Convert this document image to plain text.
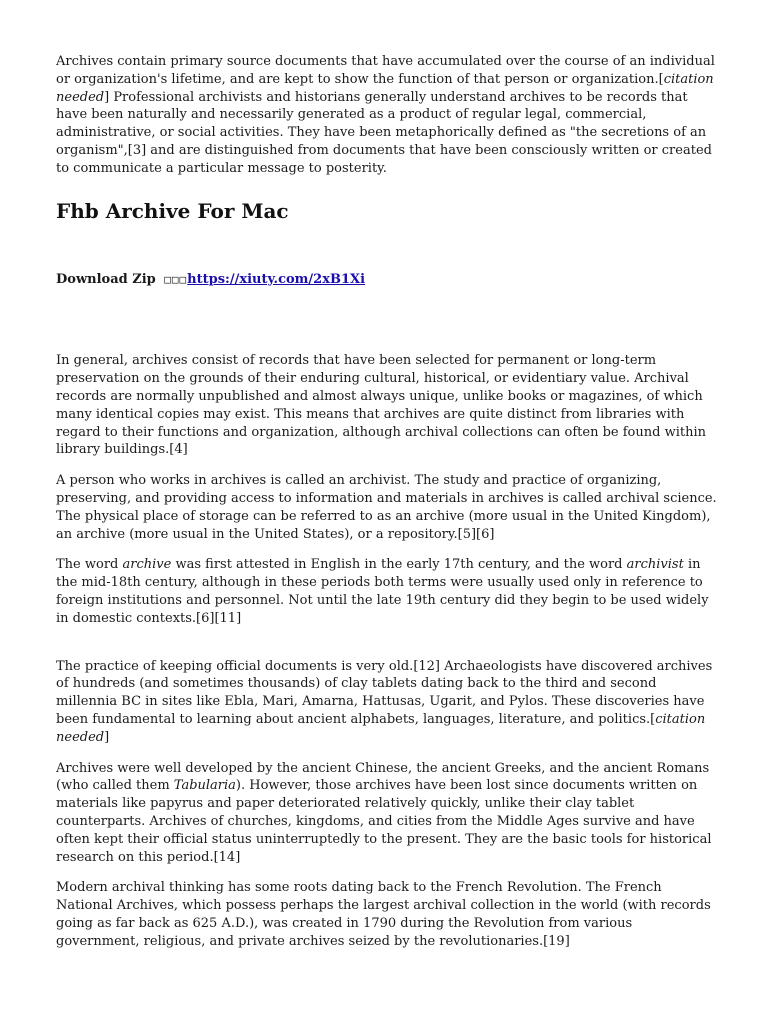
Archives contain primary source documents that have accumulated over the course of an individual or organization's lifetime, and are kept to show the function of that person or organization.[citation needed] Professional archivists and historians generally understand archives to be records that have been naturally and necessarily generated as a product of regular legal, commercial, administrative, or social activities. They have been metaphorically defined as "the secretions of an organism",[3] and are distinguished from documents that have been consciously written or created to communicate a particular message to posterity.

Fhb Archive For Mac
Download Zip □□□https://xiuty.com/2xB1Xi

In general, archives consist of records that have been selected for permanent or long-term preservation on the grounds of their enduring cultural, historical, or evidentiary value. Archival records are normally unpublished and almost always unique, unlike books or magazines, of which many identical copies may exist. This means that archives are quite distinct from libraries with regard to their functions and organization, although archival collections can often be found within library buildings.[4]

A person who works in archives is called an archivist. The study and practice of organizing, preserving, and providing access to information and materials in archives is called archival science. The physical place of storage can be referred to as an archive (more usual in the United Kingdom), an archive (more usual in the United States), or a repository.[5][6]

The word archive was first attested in English in the early 17th century, and the word archivist in the mid-18th century, although in these periods both terms were usually used only in reference to foreign institutions and personnel. Not until the late 19th century did they begin to be used widely in domestic contexts.[6][11]

The practice of keeping official documents is very old.[12] Archaeologists have discovered archives of hundreds (and sometimes thousands) of clay tablets dating back to the third and second millennia BC in sites like Ebla, Mari, Amarna, Hattusas, Ugarit, and Pylos. These discoveries have been fundamental to learning about ancient alphabets, languages, literature, and politics.[citation needed]

Archives were well developed by the ancient Chinese, the ancient Greeks, and the ancient Romans (who called them Tabularia). However, those archives have been lost since documents written on materials like papyrus and paper deteriorated relatively quickly, unlike their clay tablet counterparts. Archives of churches, kingdoms, and cities from the Middle Ages survive and have often kept their official status uninterruptedly to the present. They are the basic tools for historical research on this period.[14]

Modern archival thinking has some roots dating back to the French Revolution. The French National Archives, which possess perhaps the largest archival collection in the world (with records going as far back as 625 A.D.), was created in 1790 during the Revolution from various government, religious, and private archives seized by the revolutionaries.[19]
